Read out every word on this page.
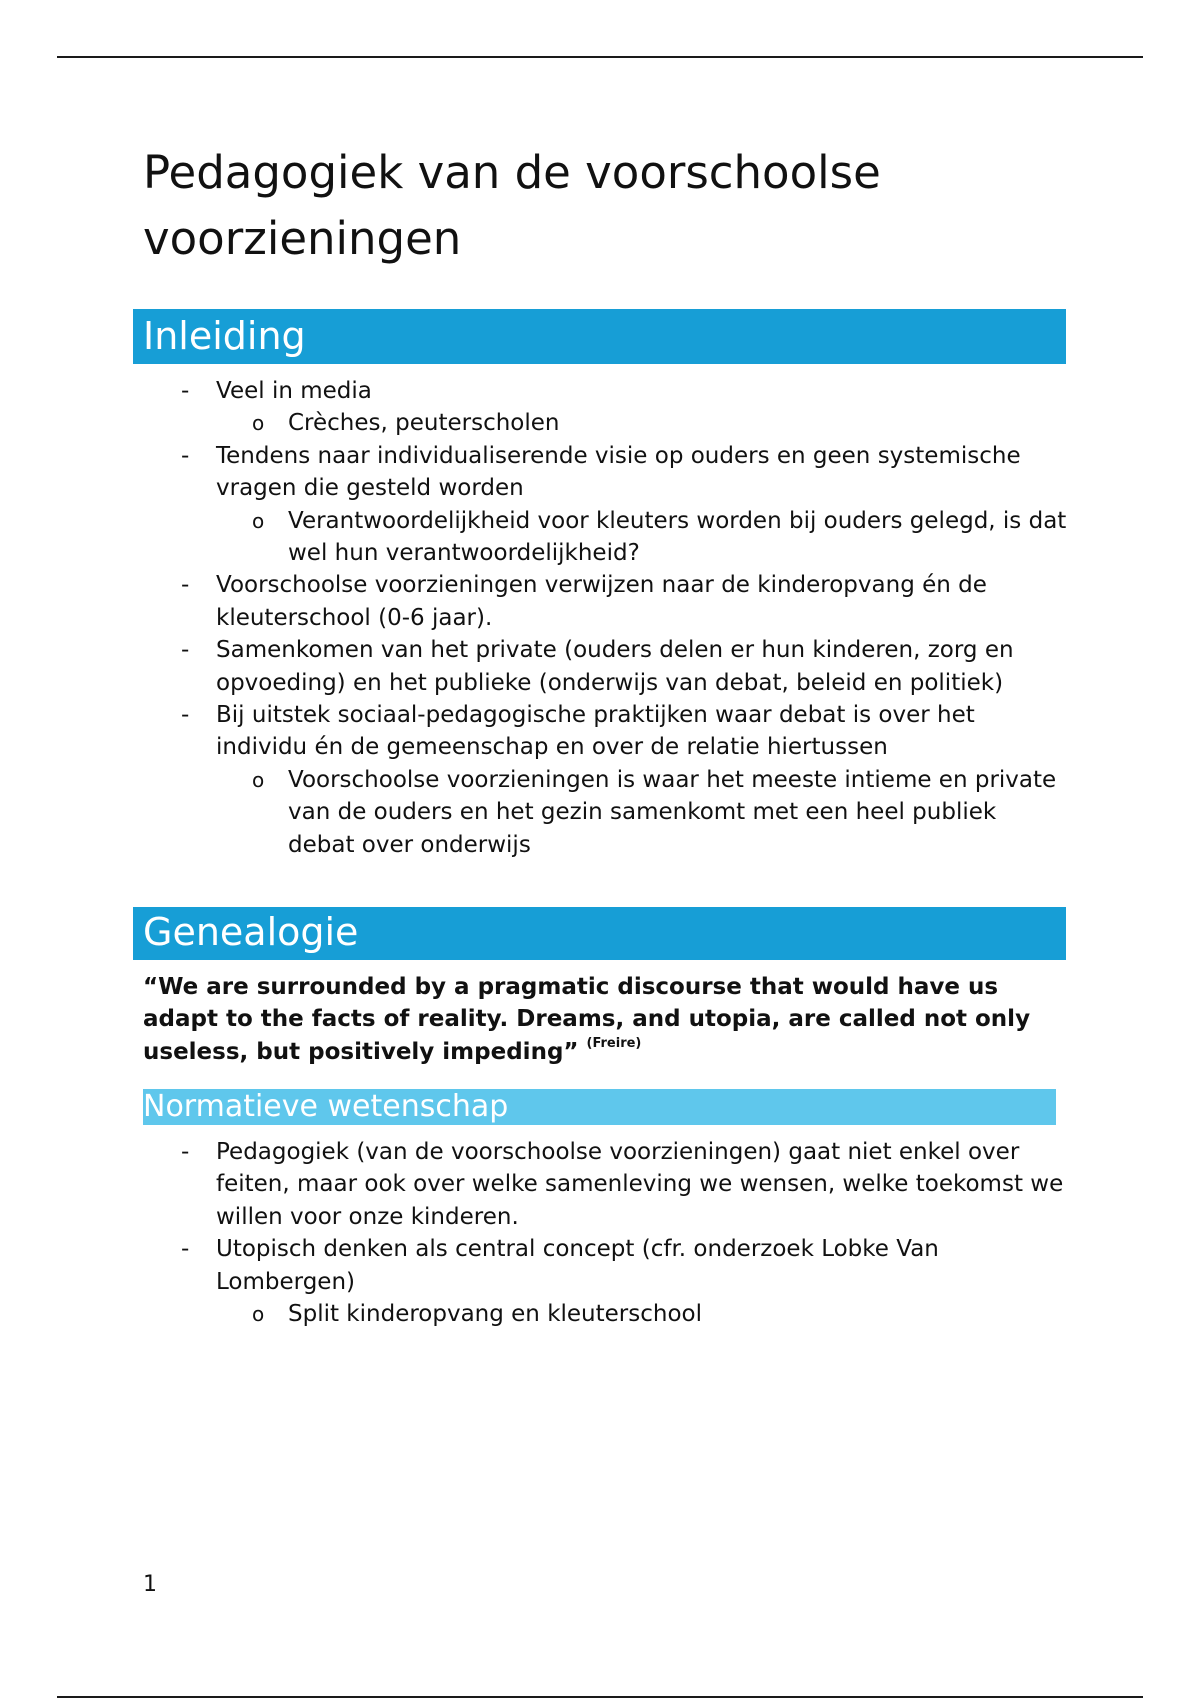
Pedagogiek van de voorschoolse voorzieningen
Inleiding
- Veel in media
o Crèches, peuterscholen
- Tendens naar individualiserende visie op ouders en geen systemische vragen die gesteld worden
o Verantwoordelijkheid voor kleuters worden bij ouders gelegd, is dat wel hun verantwoordelijkheid?
- Voorschoolse voorzieningen verwijzen naar de kinderopvang én de kleuterschool (0-6 jaar).
- Samenkomen van het private (ouders delen er hun kinderen, zorg en opvoeding) en het publieke (onderwijs van debat, beleid en politiek)
- Bij uitstek sociaal-pedagogische praktijken waar debat is over het individu én de gemeenschap en over de relatie hiertussen
o Voorschoolse voorzieningen is waar het meeste intieme en private van de ouders en het gezin samenkomt met een heel publiek debat over onderwijs
Genealogie

“We are surrounded by a pragmatic discourse that would have us adapt to the facts of reality. Dreams, and utopia, are called not only useless, but positively impeding” $^{(Freire)}$

Normatieve wetenschap
- Pedagogiek (van de voorschoolse voorzieningen) gaat niet enkel over feiten, maar ook over welke samenleving we wensen, welke toekomst we willen voor onze kinderen.
- Utopisch denken als central concept (cfr. onderzoek Lobke Van Lombergen)
o Split kinderopvang en kleuterschool
1
